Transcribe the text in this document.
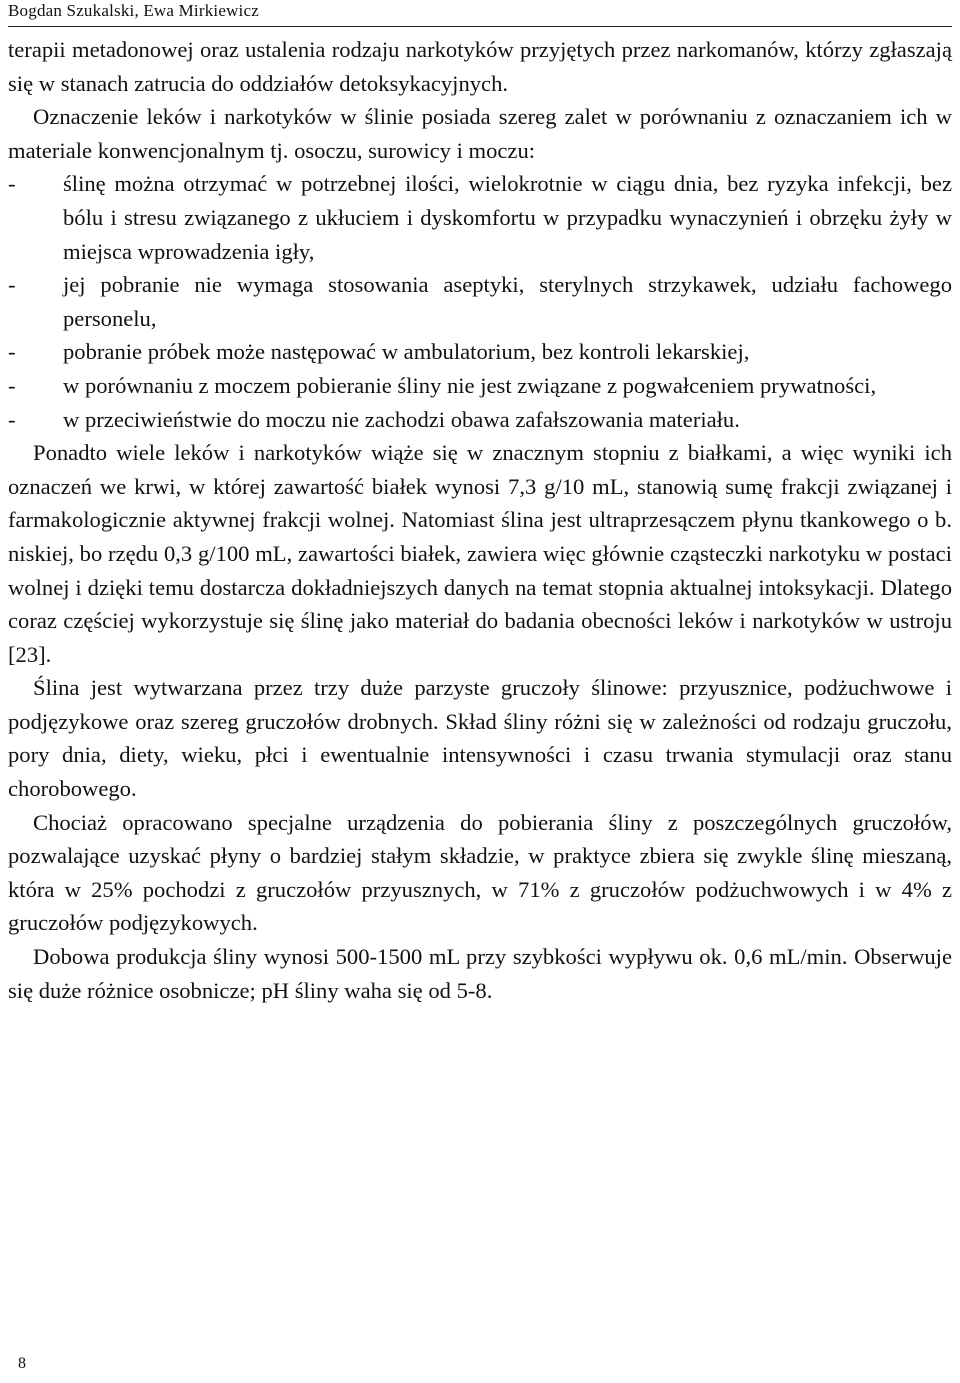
Bogdan Szukalski, Ewa Mirkiewicz

terapii metadonowej oraz ustalenia rodzaju narkotyków przyjętych przez narkomanów, którzy zgłaszają się w stanach zatrucia do oddziałów detoksykacyjnych.

Oznaczenie leków i narkotyków w ślinie posiada szereg zalet w porównaniu z oznaczaniem ich w materiale konwencjonalnym tj. osoczu, surowicy i moczu:

- ślinę można otrzymać w potrzebnej ilości, wielokrotnie w ciągu dnia, bez ryzyka infekcji, bez bólu i stresu związanego z ukłuciem i dyskomfortu w przypadku wynaczynień i obrzęku żyły w miejsca wprowadzenia igły,
- jej pobranie nie wymaga stosowania aseptyki, sterylnych strzykawek, udziału fachowego personelu,
- pobranie próbek może następować w ambulatorium, bez kontroli lekarskiej,
- w porównaniu z moczem pobieranie śliny nie jest związane z pogwałceniem prywatności,
- w przeciwieństwie do moczu nie zachodzi obawa zafałszowania materiału.

Ponadto wiele leków i narkotyków wiąże się w znacznym stopniu z białkami, a więc wyniki ich oznaczeń we krwi, w której zawartość białek wynosi 7,3 g/10 mL, stanowią sumę frakcji związanej i farmakologicznie aktywnej frakcji wolnej. Natomiast ślina jest ultraprzesączem płynu tkankowego o b. niskiej, bo rzędu 0,3 g/100 mL, zawartości białek, zawiera więc głównie cząsteczki narkotyku w postaci wolnej i dzięki temu dostarcza dokładniejszych danych na temat stopnia aktualnej intoksykacji. Dlatego coraz częściej wykorzystuje się ślinę jako materiał do badania obecności leków i narkotyków w ustroju [23].

Ślina jest wytwarzana przez trzy duże parzyste gruczoły ślinowe: przyusznice, podżuchwowe i podjęzykowe oraz szereg gruczołów drobnych. Skład śliny różni się w zależności od rodzaju gruczołu, pory dnia, diety, wieku, płci i ewentualnie intensywności i czasu trwania stymulacji oraz stanu chorobowego.

Chociaż opracowano specjalne urządzenia do pobierania śliny z poszczególnych gruczołów, pozwalające uzyskać płyny o bardziej stałym składzie, w praktyce zbiera się zwykle ślinę mieszaną, która w 25% pochodzi z gruczołów przyusznych, w 71% z gruczołów podżuchwowych i w 4% z gruczołów podjęzykowych.

Dobowa produkcja śliny wynosi 500-1500 mL przy szybkości wypływu ok. 0,6 mL/min. Obserwuje się duże różnice osobnicze; pH śliny waha się od 5-8.

8
